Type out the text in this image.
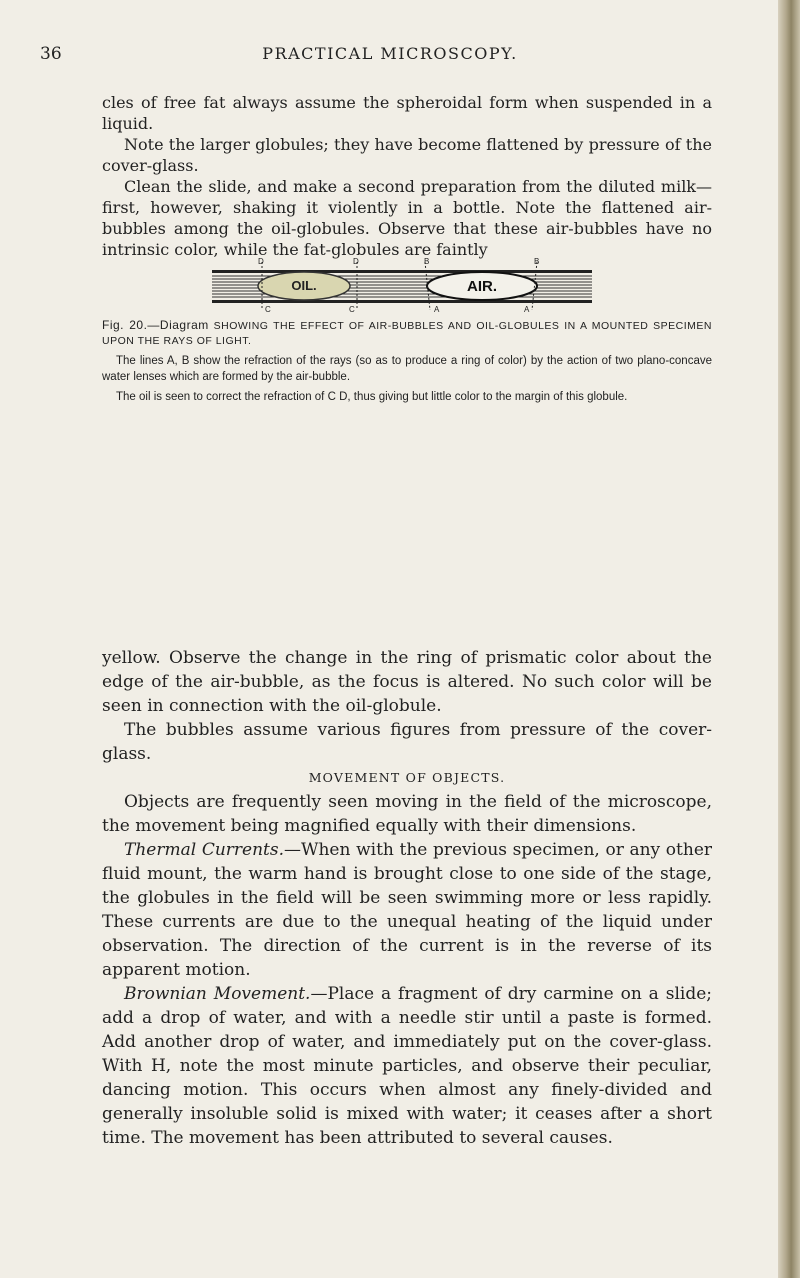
36	PRACTICAL MICROSCOPY.

cles of free fat always assume the spheroidal form when suspended in a liquid.

Note the larger globules; they have become flattened by pressure of the cover-glass.

Clean the slide, and make a second preparation from the diluted milk—first, however, shaking it violently in a bottle. Note the flattened air-bubbles among the oil-globules. Observe that these air-bubbles have no intrinsic color, while the fat-globules are faintly

OIL.	AIR.
D	D	B	B
C	C	A	A
Fig. 20.—Diagram SHOWING THE EFFECT OF AIR-BUBBLES AND OIL-GLOBULES IN A MOUNTED SPECIMEN UPON THE RAYS OF LIGHT.

The lines A, B show the refraction of the rays (so as to produce a ring of color) by the action of two plano-concave water lenses which are formed by the air-bubble.

The oil is seen to correct the refraction of C D, thus giving but little color to the margin of this globule.

yellow. Observe the change in the ring of prismatic color about the edge of the air-bubble, as the focus is altered. No such color will be seen in connection with the oil-globule.

The bubbles assume various figures from pressure of the cover-glass.

MOVEMENT OF OBJECTS.

Objects are frequently seen moving in the field of the microscope, the movement being magnified equally with their dimensions.

Thermal Currents.—When with the previous specimen, or any other fluid mount, the warm hand is brought close to one side of the stage, the globules in the field will be seen swimming more or less rapidly. These currents are due to the unequal heating of the liquid under observation. The direction of the current is in the reverse of its apparent motion.

Brownian Movement.—Place a fragment of dry carmine on a slide; add a drop of water, and with a needle stir until a paste is formed. Add another drop of water, and immediately put on the cover-glass. With H, note the most minute particles, and observe their peculiar, dancing motion. This occurs when almost any finely-divided and generally insoluble solid is mixed with water; it ceases after a short time. The movement has been attributed to several causes.
